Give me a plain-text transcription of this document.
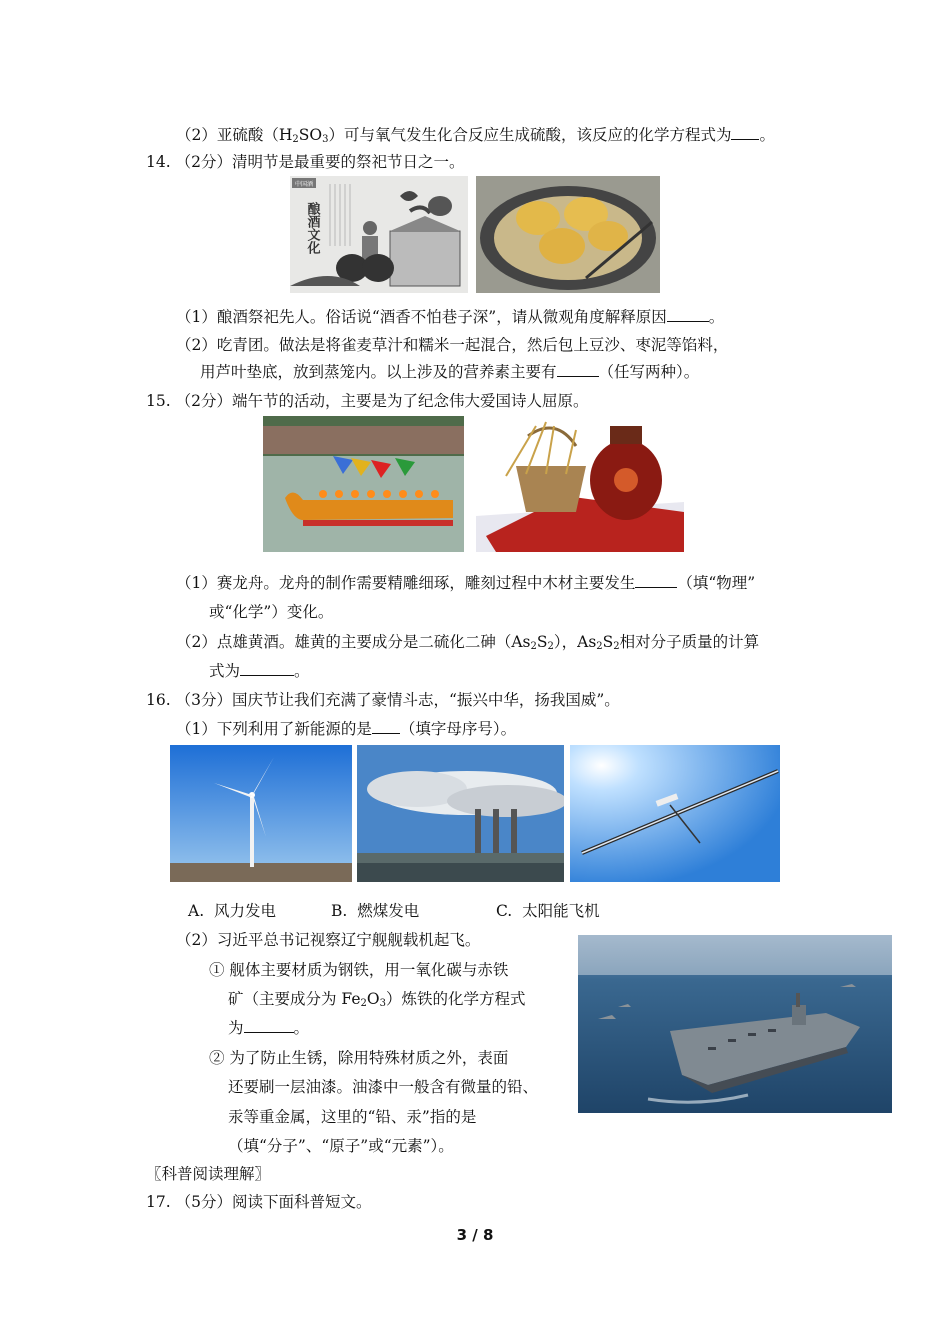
（2）亚硫酸$(H_2SO_3)$可与氧气发生化合反应生成硫酸，该反应的化学方程式为 。
14. （2分）清明节是最重要的祭祀节日之一。
中国酒
酿酒文化
（1）酿酒祭祀先人。俗话说“酒香不怕巷子深”，请从微观角度解释原因	。
（2）吃青团。做法是将雀麦草汁和糯米一起混合，然后包上豆沙、枣泥等馅料，
用芦叶垫底，放到蒸笼内。以上涉及的营养素主要有	（任写两种）。
15. （2分）端午节的活动，主要是为了纪念伟大爱国诗人屈原。
（1）赛龙舟。龙舟的制作需要精雕细琢，雕刻过程中木材主要发生	（填“物理”
或“化学”）变化。
（2）点雄黄酒。雄黄的主要成分是二硫化二砷$(As_2S_2)$，$As_2S_2$相对分子质量的计算
式为	。
16. （3分）国庆节让我们充满了豪情斗志，“振兴中华，扬我国威”。
（1）下列利用了新能源的是 （填字母序号）。
A. 风力发电	B. 燃煤发电	C. 太阳能飞机
（2）习近平总书记视察辽宁舰舰载机起飞。
① 舰体主要材质为钢铁，用一氧化碳与赤铁
矿（主要成分为 $Fe_2O_3$）炼铁的化学方程式
为	。
② 为了防止生锈，除用特殊材质之外，表面
还要刷一层油漆。油漆中一般含有微量的铅、
汞等重金属，这里的“铅、汞”指的是
（填“分子”、“原子”或“元素”）。
〖科普阅读理解〗
17. （5分）阅读下面科普短文。
3 / 8
